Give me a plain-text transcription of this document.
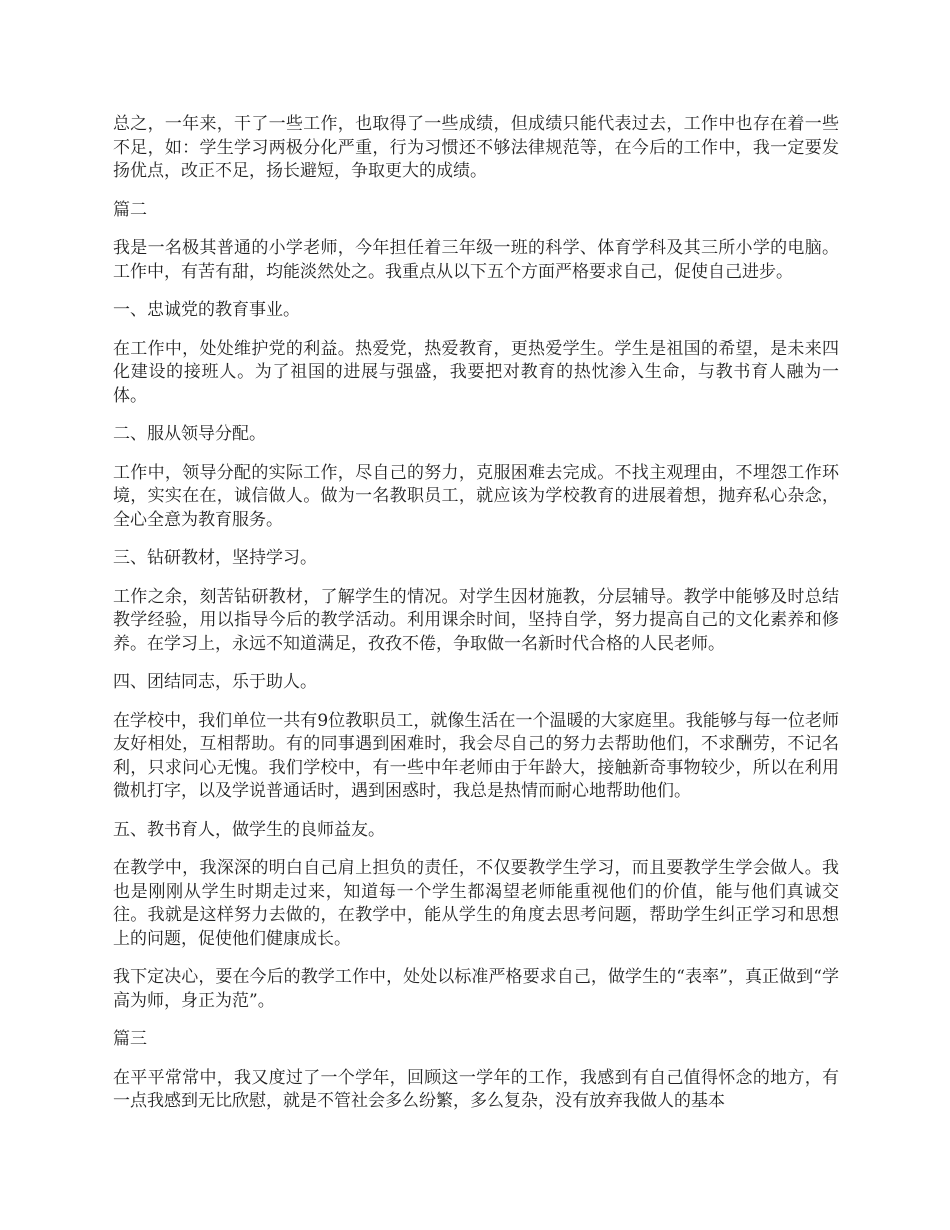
总之，一年来，干了一些工作，也取得了一些成绩，但成绩只能代表过去，工作中也存在着一些不足，如：学生学习两极分化严重，行为习惯还不够法律规范等，在今后的工作中，我一定要发扬优点，改正不足，扬长避短，争取更大的成绩。

篇二

我是一名极其普通的小学老师，今年担任着三年级一班的科学、体育学科及其三所小学的电脑。工作中，有苦有甜，均能淡然处之。我重点从以下五个方面严格要求自己，促使自己进步。

一、忠诚党的教育事业。

在工作中，处处维护党的利益。热爱党，热爱教育，更热爱学生。学生是祖国的希望，是未来四化建设的接班人。为了祖国的进展与强盛，我要把对教育的热忱渗入生命，与教书育人融为一体。

二、服从领导分配。

工作中，领导分配的实际工作，尽自己的努力，克服困难去完成。不找主观理由，不埋怨工作环境，实实在在，诚信做人。做为一名教职员工，就应该为学校教育的进展着想，抛弃私心杂念，全心全意为教育服务。

三、钻研教材，坚持学习。

工作之余，刻苦钻研教材，了解学生的情况。对学生因材施教，分层辅导。教学中能够及时总结教学经验，用以指导今后的教学活动。利用课余时间，坚持自学，努力提高自己的文化素养和修养。在学习上，永远不知道满足，孜孜不倦，争取做一名新时代合格的人民老师。

四、团结同志，乐于助人。

在学校中，我们单位一共有9位教职员工，就像生活在一个温暖的大家庭里。我能够与每一位老师友好相处，互相帮助。有的同事遇到困难时，我会尽自己的努力去帮助他们，不求酬劳，不记名利，只求问心无愧。我们学校中，有一些中年老师由于年龄大，接触新奇事物较少，所以在利用微机打字，以及学说普通话时，遇到困惑时，我总是热情而耐心地帮助他们。

五、教书育人，做学生的良师益友。

在教学中，我深深的明白自己肩上担负的责任，不仅要教学生学习，而且要教学生学会做人。我也是刚刚从学生时期走过来，知道每一个学生都渴望老师能重视他们的价值，能与他们真诚交往。我就是这样努力去做的，在教学中，能从学生的角度去思考问题，帮助学生纠正学习和思想上的问题，促使他们健康成长。

我下定决心，要在今后的教学工作中，处处以标准严格要求自己，做学生的“表率”，真正做到“学高为师，身正为范”。

篇三

在平平常常中，我又度过了一个学年，回顾这一学年的工作，我感到有自己值得怀念的地方，有一点我感到无比欣慰，就是不管社会多么纷繁，多么复杂，没有放弃我做人的基本
